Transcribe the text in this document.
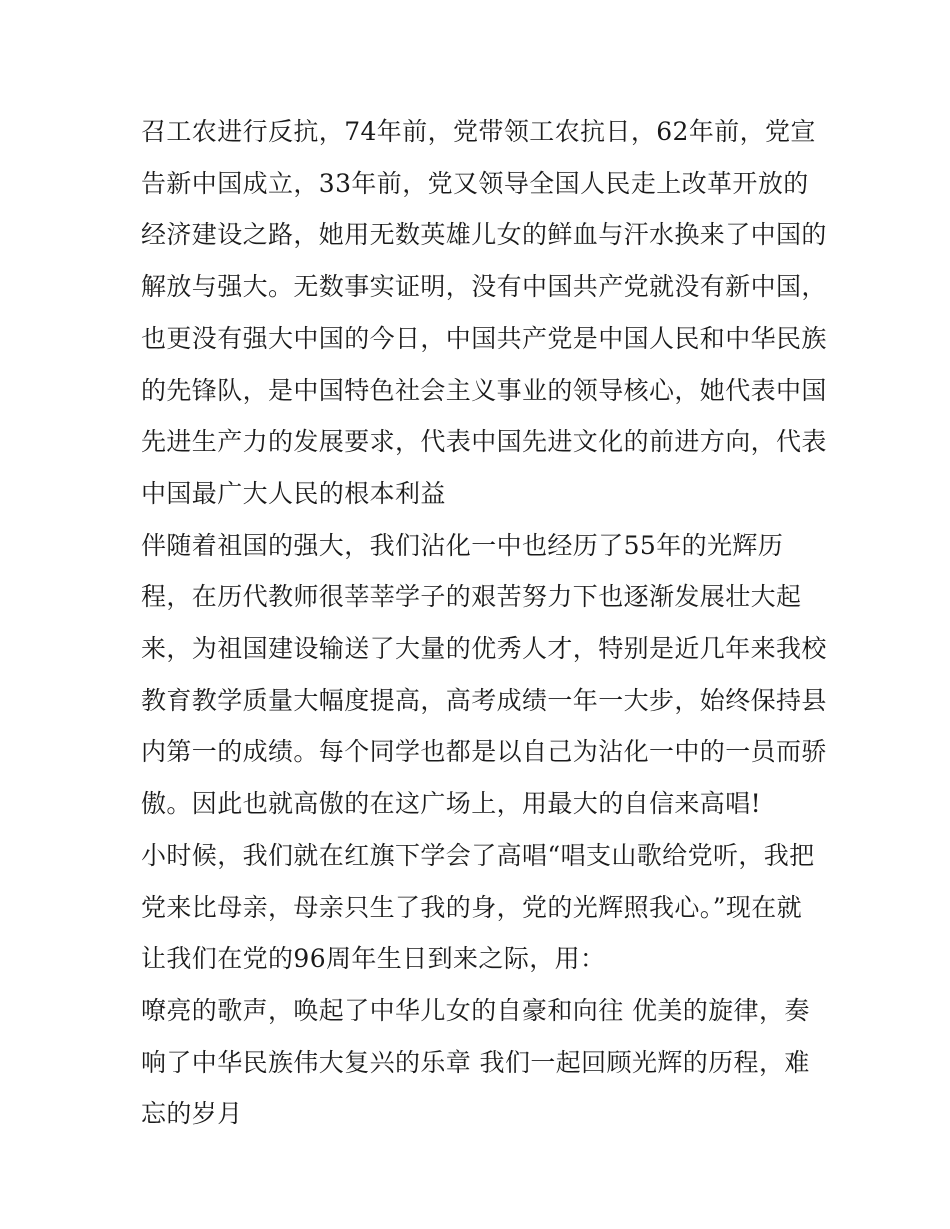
召工农进行反抗，74年前，党带领工农抗日，62年前，党宣
告新中国成立，33年前，党又领导全国人民走上改革开放的
经济建设之路，她用无数英雄儿女的鲜血与汗水换来了中国的
解放与强大。无数事实证明，没有中国共产党就没有新中国，
也更没有强大中国的今日，中国共产党是中国人民和中华民族
的先锋队，是中国特色社会主义事业的领导核心，她代表中国
先进生产力的发展要求，代表中国先进文化的前进方向，代表
中国最广大人民的根本利益

伴随着祖国的强大，我们沾化一中也经历了55年的光辉历
程，在历代教师很莘莘学子的艰苦努力下也逐渐发展壮大起
来，为祖国建设输送了大量的优秀人才，特别是近几年来我校
教育教学质量大幅度提高，高考成绩一年一大步，始终保持县
内第一的成绩。每个同学也都是以自己为沾化一中的一员而骄
傲。因此也就高傲的在这广场上，用最大的自信来高唱!

小时候，我们就在红旗下学会了高唱“唱支山歌给党听，我把
党来比母亲，母亲只生了我的身，党的光辉照我心。”现在就
让我们在党的96周年生日到来之际，用：

嘹亮的歌声，唤起了中华儿女的自豪和向往 优美的旋律，奏
响了中华民族伟大复兴的乐章 我们一起回顾光辉的历程，难
忘的岁月
